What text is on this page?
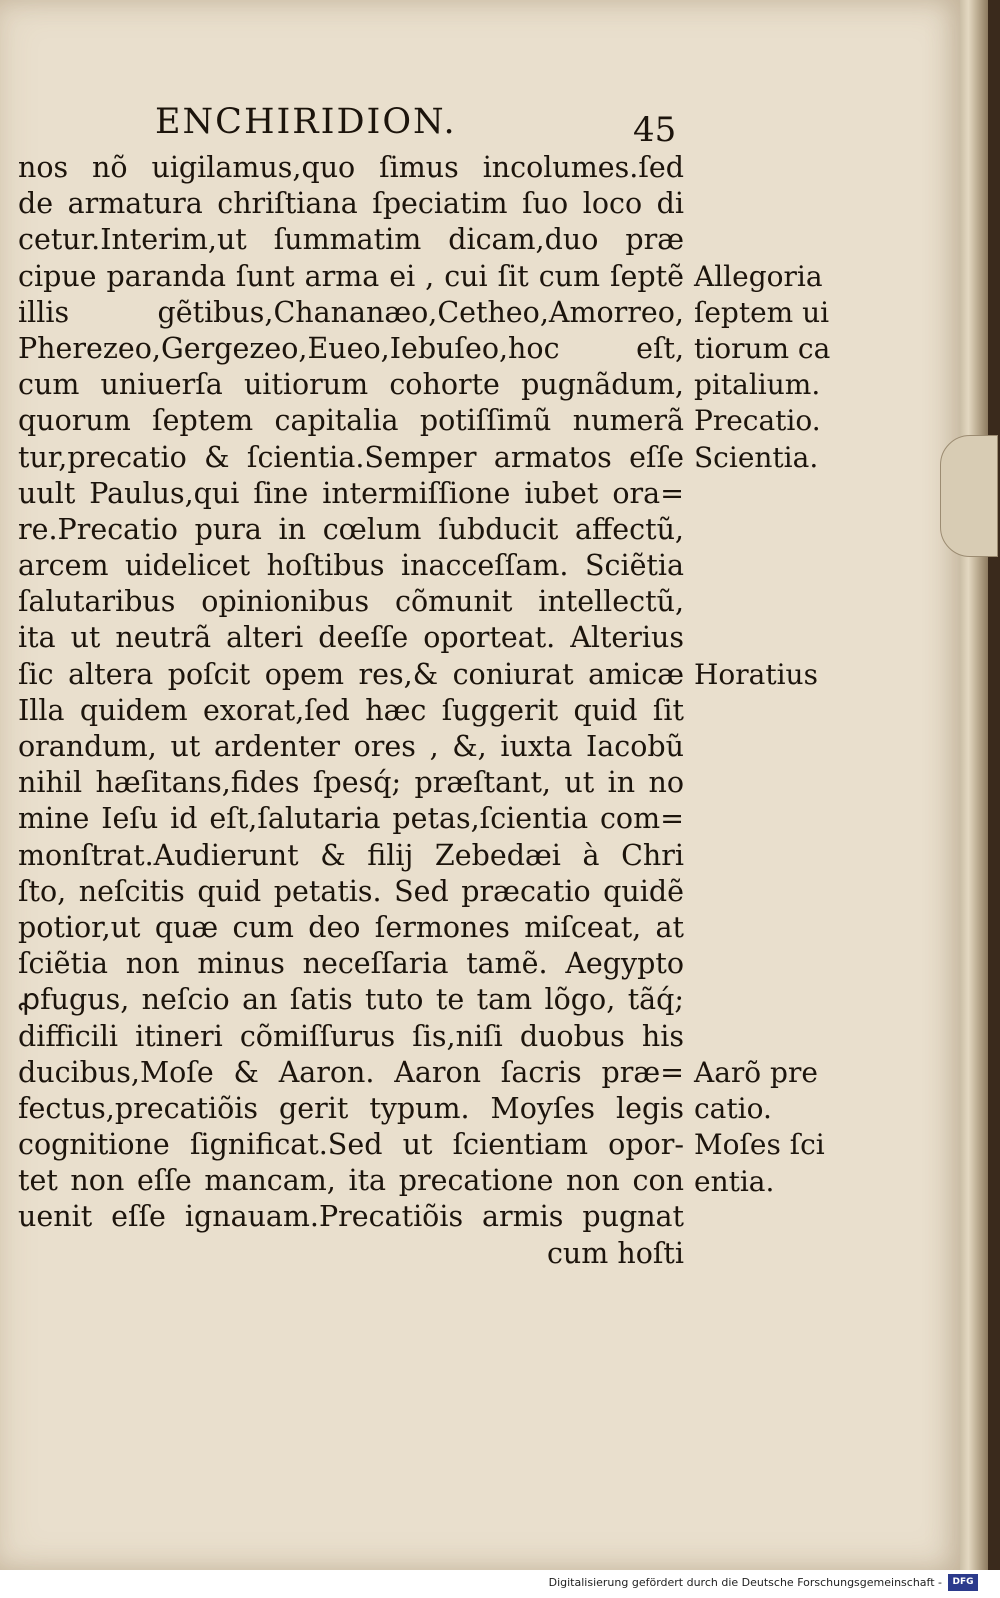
ENCHIRIDION.	45
nos nõ uigilamus,quo ſimus incolumes.ſed
de armatura chriſtiana ſpeciatim ſuo loco di
cetur.Interim,ut ſummatim dicam,duo præ
cipue paranda ſunt arma ei , cui ſit cum ſeptẽ
illis gẽtibus,Chananæo,Cetheo,Amorreo,
Pherezeo,Gergezeo,Eueo,Iebuſeo,hoc eſt,
cum uniuerſa uitiorum cohorte pugnãdum,
quorum ſeptem capitalia potiſſimũ numerã
tur,precatio & ſcientia.Semper armatos eſſe
uult Paulus,qui ſine intermiſſione iubet ora=
re.Precatio pura in cœlum ſubducit affectũ,
arcem uidelicet hoſtibus inacceſſam. Sciẽtia
ſalutaribus opinionibus cõmunit intellectũ,
ita ut neutrã alteri deeſſe oporteat. Alterius
ſic altera poſcit opem res,& coniurat amicæ
Illa quidem exorat,ſed hæc ſuggerit quid ſit
orandum, ut ardenter ores , &, iuxta Iacobũ
nihil hæſitans,fides ſpesq́; præſtant, ut in no
mine Ieſu id eſt,ſalutaria petas,ſcientia com=
monſtrat.Audierunt & filij Zebedæi à Chri
ſto, neſcitis quid petatis. Sed præcatio quidẽ
potior,ut quæ cum deo ſermones miſceat, at
ſciẽtia non minus neceſſaria tamẽ. Aegypto
ꝓfugus, neſcio an ſatis tuto te tam lõgo, tãq́;
difficili itineri cõmiſſurus ſis,niſi duobus his
ducibus,Moſe & Aaron. Aaron ſacris præ=
fectus,precatiõis gerit typum. Moyſes legis
cognitione ſignificat.Sed ut ſcientiam opor-
tet non eſſe mancam, ita precatione non con
uenit eſſe ignauam.Precatiõis armis pugnat
cum hoſti
Allegoria
ſeptem ui
tiorum ca
pitalium.
Precatio.
Scientia.
Horatius
Aarõ pre
catio.
Moſes ſci
entia.
Digitalisierung gefördert durch die Deutsche Forschungsgemeinschaft -	DFG
